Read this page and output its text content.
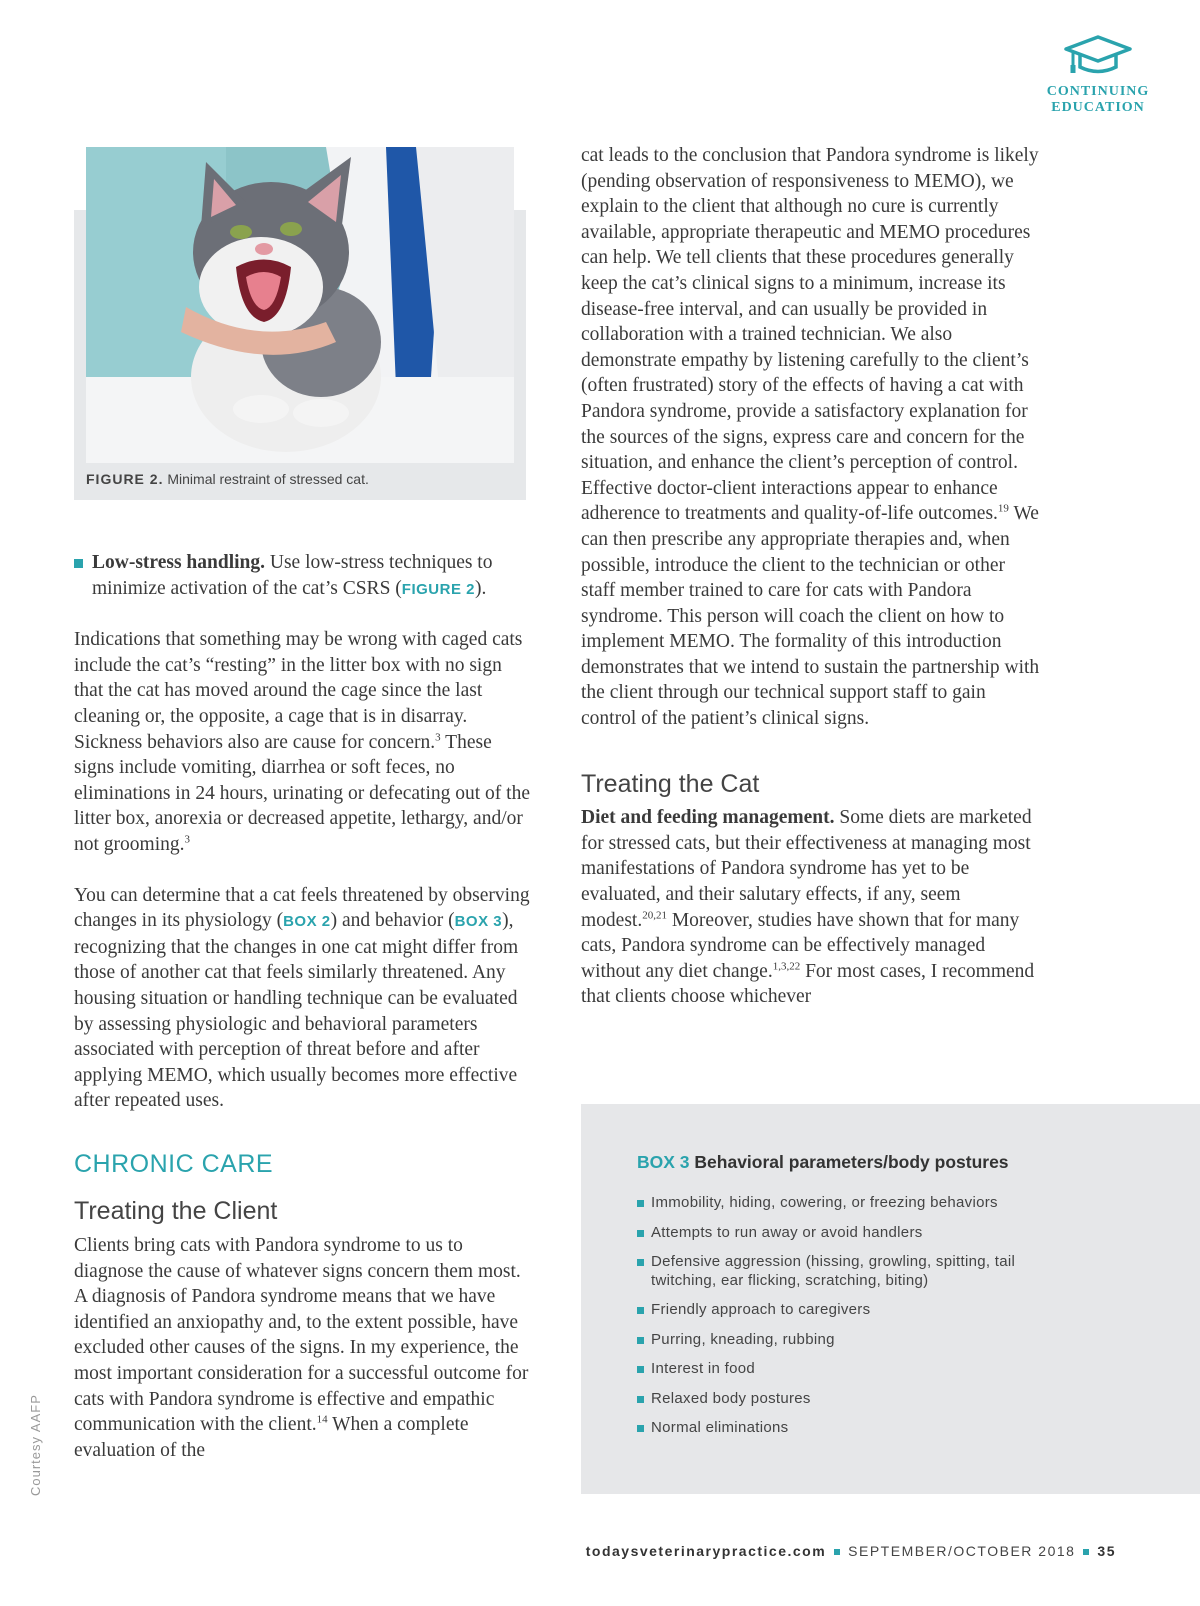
CONTINUING
EDUCATION
FIGURE 2. Minimal restraint of stressed cat.

Low-stress handling. Use low-stress techniques to minimize activation of the cat’s CSRS (FIGURE 2).

Indications that something may be wrong with caged cats include the cat’s “resting” in the litter box with no sign that the cat has moved around the cage since the last cleaning or, the opposite, a cage that is in disarray. Sickness behaviors also are cause for concern.$^3$ These signs include vomiting, diarrhea or soft feces, no eliminations in 24 hours, urinating or defecating out of the litter box, anorexia or decreased appetite, lethargy, and/or not grooming.$^3$

You can determine that a cat feels threatened by observing changes in its physiology (BOX 2) and behavior (BOX 3), recognizing that the changes in one cat might differ from those of another cat that feels similarly threatened. Any housing situation or handling technique can be evaluated by assessing physiologic and behavioral parameters associated with perception of threat before and after applying MEMO, which usually becomes more effective after repeated uses.

CHRONIC CARE
Treating the Client

Clients bring cats with Pandora syndrome to us to diagnose the cause of whatever signs concern them most. A diagnosis of Pandora syndrome means that we have identified an anxiopathy and, to the extent possible, have excluded other causes of the signs. In my experience, the most important consideration for a successful outcome for cats with Pandora syndrome is effective and empathic communication with the client.$^{14}$ When a complete evaluation of the

cat leads to the conclusion that Pandora syndrome is likely (pending observation of responsiveness to MEMO), we explain to the client that although no cure is currently available, appropriate therapeutic and MEMO procedures can help. We tell clients that these procedures generally keep the cat’s clinical signs to a minimum, increase its disease-free interval, and can usually be provided in collaboration with a trained technician. We also demonstrate empathy by listening carefully to the client’s (often frustrated) story of the effects of having a cat with Pandora syndrome, provide a satisfactory explanation for the sources of the signs, express care and concern for the situation, and enhance the client’s perception of control. Effective doctor-client interactions appear to enhance adherence to treatments and quality-of-life outcomes.$^{19}$ We can then prescribe any appropriate therapies and, when possible, introduce the client to the technician or other staff member trained to care for cats with Pandora syndrome. This person will coach the client on how to implement MEMO. The formality of this introduction demonstrates that we intend to sustain the partnership with the client through our technical support staff to gain control of the patient’s clinical signs.

Treating the Cat

Diet and feeding management. Some diets are marketed for stressed cats, but their effectiveness at managing most manifestations of Pandora syndrome has yet to be evaluated, and their salutary effects, if any, seem modest.$^{20,21}$ Moreover, studies have shown that for many cats, Pandora syndrome can be effectively managed without any diet change.$^{1,3,22}$ For most cases, I recommend that clients choose whichever

BOX 3 Behavioral parameters/body postures
Immobility, hiding, cowering, or freezing behaviors
Attempts to run away or avoid handlers
Defensive aggression (hissing, growling, spitting, tail twitching, ear flicking, scratching, biting)
Friendly approach to caregivers
Purring, kneading, rubbing
Interest in food
Relaxed body postures
Normal eliminations
Courtesy AAFP
todaysveterinarypractice.com SEPTEMBER/OCTOBER 2018 35
